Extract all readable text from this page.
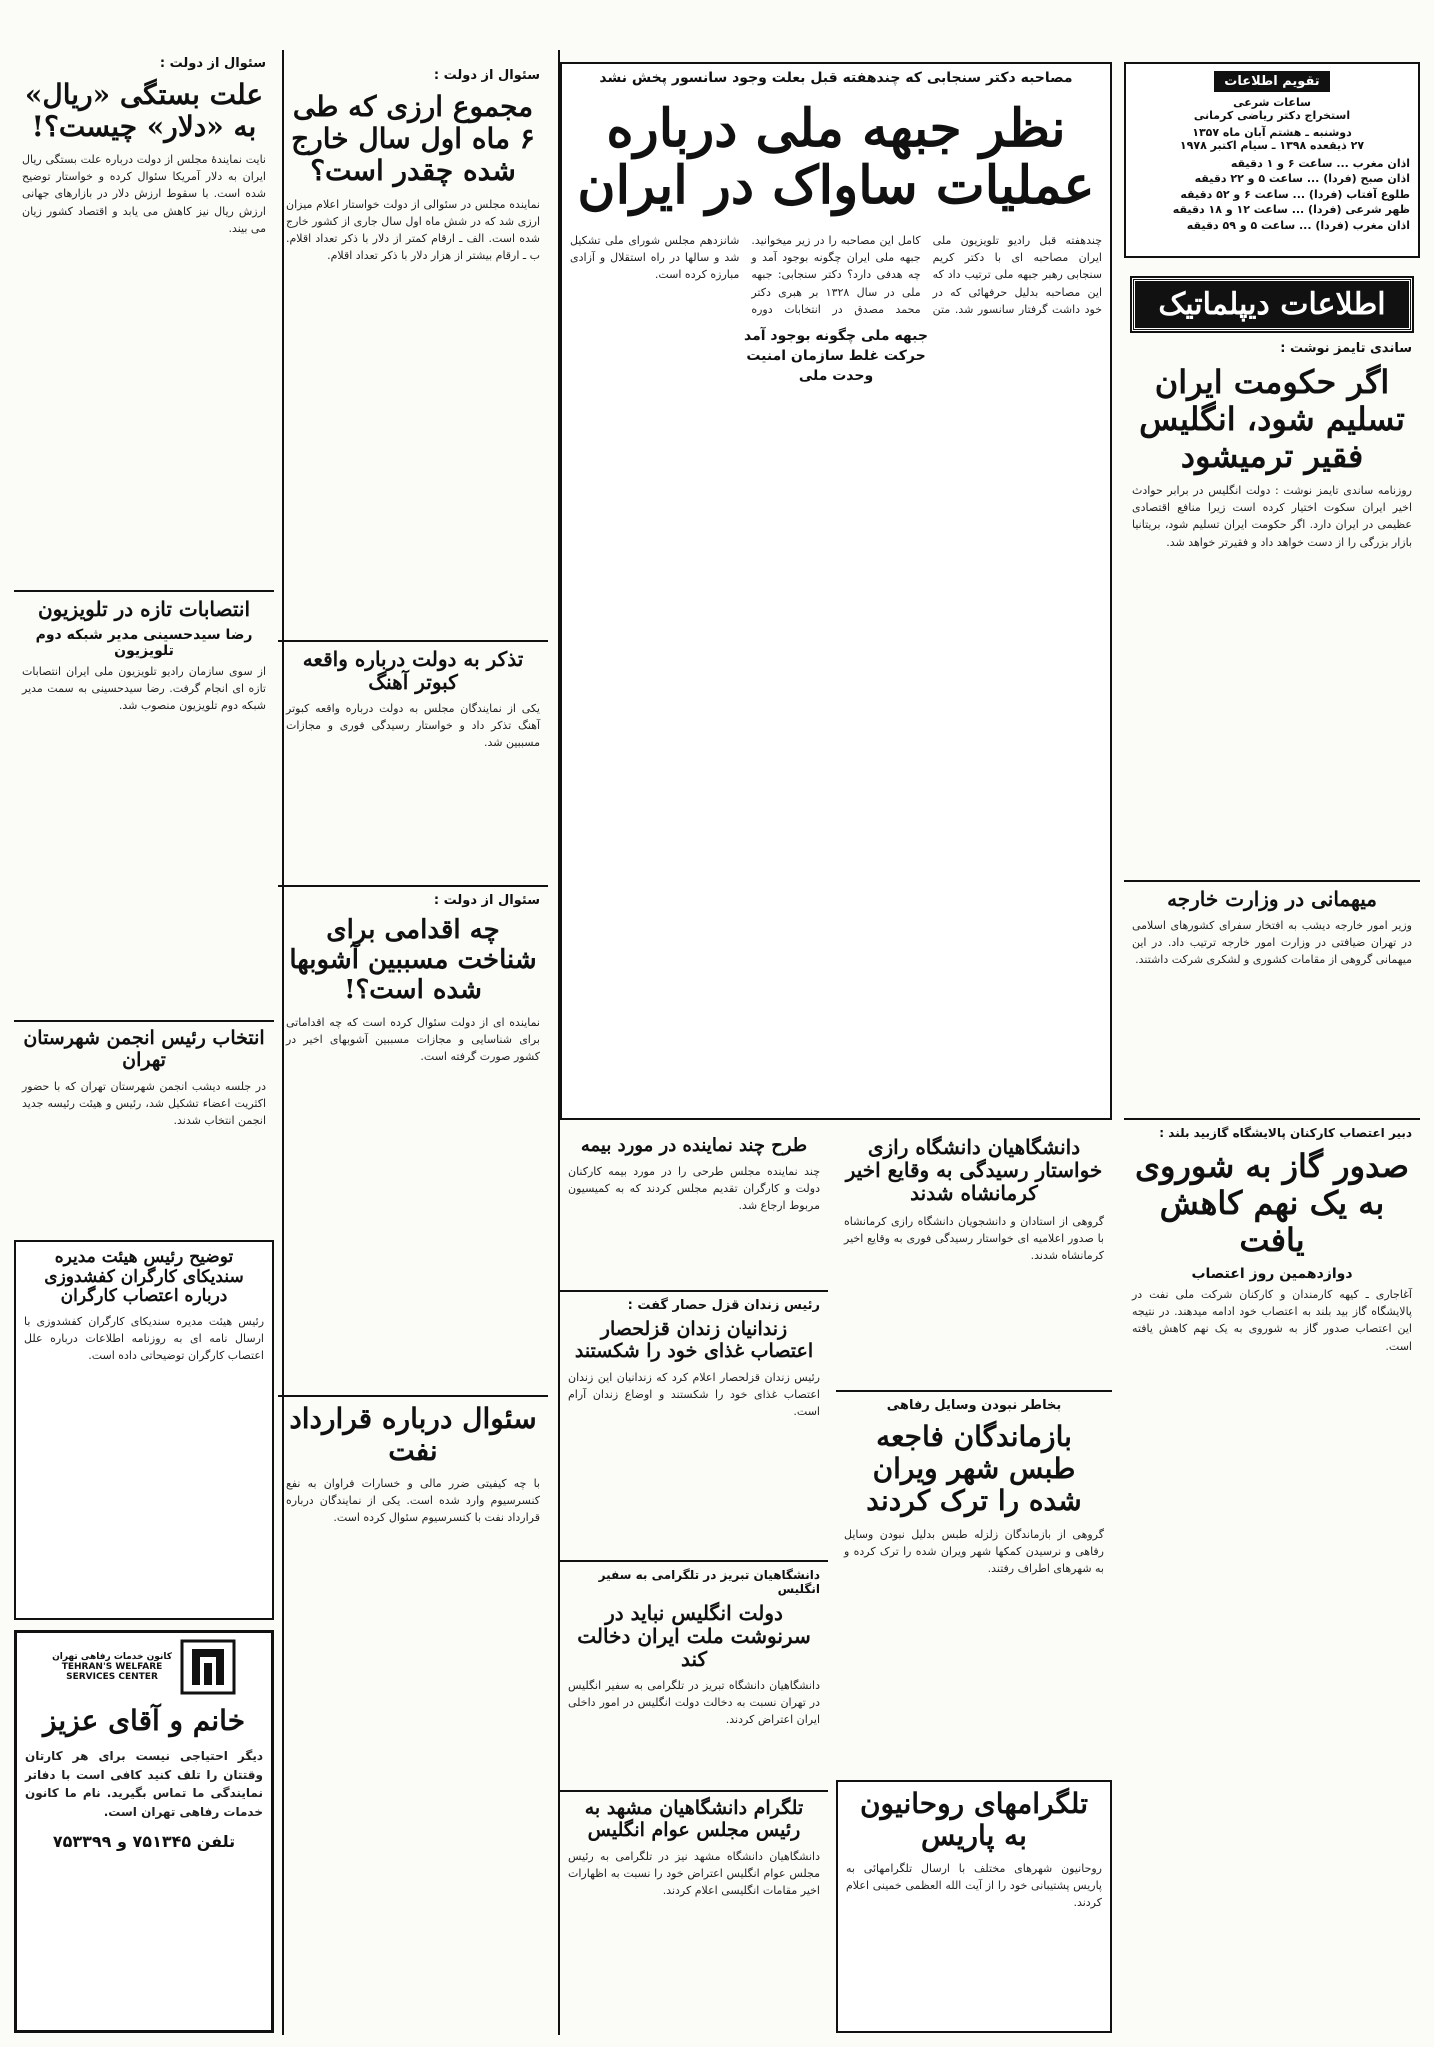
تقویم اطلاعات
ساعات شرعی
استخراج دکتر ریاضی کرمانی
دوشنبه ـ هشتم آبان ماه ۱۳۵۷
۲۷ ذیقعده ۱۳۹۸ ـ سیام اکتبر ۱۹۷۸
اذان مغرب ... ساعت ۶ و ۱ دقیقه
اذان صبح (فردا) ... ساعت ۵ و ۲۲ دقیقه
طلوع آفتاب (فردا) ... ساعت ۶ و ۵۲ دقیقه
ظهر شرعی (فردا) ... ساعت ۱۲ و ۱۸ دقیقه
اذان مغرب (فردا) ... ساعت ۵ و ۵۹ دقیقه
اطلاعات دیپلماتیک
ساندی تایمز نوشت :
اگر حکومت ایران تسلیم شود، انگلیس فقیر ترمیشود
روزنامه ساندی تایمز نوشت : دولت انگلیس در برابر حوادث اخیر ایران سکوت اختیار کرده است زیرا منافع اقتصادی عظیمی در ایران دارد. اگر حکومت ایران تسلیم شود، بریتانیا بازار بزرگی را از دست خواهد داد و فقیرتر خواهد شد.
میهمانی در وزارت خارجه
وزیر امور خارجه دیشب به افتخار سفرای کشورهای اسلامی در تهران ضیافتی در وزارت امور خارجه ترتیب داد. در این میهمانی گروهی از مقامات کشوری و لشکری شرکت داشتند.
دبیر اعتصاب کارکنان پالایشگاه گازبید بلند :
صدور گاز به شوروی به یک نهم کاهش یافت
دوازدهمین روز اعتصاب
آغاجاری ـ کیهه کارمندان و کارکنان شرکت ملی نفت در پالایشگاه گاز بید بلند به اعتصاب خود ادامه میدهند. در نتیجه این اعتصاب صدور گاز به شوروی به یک نهم کاهش یافته است.
مصاحبه دکتر سنجابی که چندهفته قبل بعلت وجود سانسور پخش نشد
نظر جبهه ملی درباره عملیات ساواک در ایران
چندهفته قبل رادیو تلویزیون ملی ایران مصاحبه ای با دکتر کریم سنجابی رهبر جبهه ملی ترتیب داد که این مصاحبه بدلیل حرفهائی که در خود داشت گرفتار سانسور شد. متن کامل این مصاحبه را در زیر میخوانید. جبهه ملی ایران چگونه بوجود آمد و چه هدفی دارد؟ دکتر سنجابی: جبهه ملی در سال ۱۳۲۸ بر هبری دکتر محمد مصدق در انتخابات دوره شانزدهم مجلس شورای ملی تشکیل شد و سالها در راه استقلال و آزادی مبارزه کرده است.
جبهه ملی چگونه بوجود آمد
حرکت غلط سازمان امنیت
وحدت ملی
دانشگاهیان دانشگاه رازی خواستار رسیدگی به وقایع اخیر کرمانشاه شدند
گروهی از استادان و دانشجویان دانشگاه رازی کرمانشاه با صدور اعلامیه ای خواستار رسیدگی فوری به وقایع اخیر کرمانشاه شدند.
بخاطر نبودن وسایل رفاهی
بازماندگان فاجعه طبس شهر ویران شده را ترک کردند
گروهی از بازماندگان زلزله طبس بدلیل نبودن وسایل رفاهی و نرسیدن کمکها شهر ویران شده را ترک کرده و به شهرهای اطراف رفتند.
تلگرامهای روحانیون به پاریس
روحانیون شهرهای مختلف با ارسال تلگرامهائی به پاریس پشتیبانی خود را از آیت الله العظمی خمینی اعلام کردند.
طرح چند نماینده در مورد بیمه
چند نماینده مجلس طرحی را در مورد بیمه کارکنان دولت و کارگران تقدیم مجلس کردند که به کمیسیون مربوط ارجاع شد.
رئیس زندان قزل حصار گفت :
زندانیان زندان قزلحصار اعتصاب غذای خود را شکستند
رئیس زندان قزلحصار اعلام کرد که زندانیان این زندان اعتصاب غذای خود را شکستند و اوضاع زندان آرام است.
دانشگاهیان تبریز در تلگرامی به سفیر انگلیس
دولت انگلیس نباید در سرنوشت ملت ایران دخالت کند
دانشگاهیان دانشگاه تبریز در تلگرامی به سفیر انگلیس در تهران نسبت به دخالت دولت انگلیس در امور داخلی ایران اعتراض کردند.
تلگرام دانشگاهیان مشهد به رئیس مجلس عوام انگلیس
دانشگاهیان دانشگاه مشهد نیز در تلگرامی به رئیس مجلس عوام انگلیس اعتراض خود را نسبت به اظهارات اخیر مقامات انگلیسی اعلام کردند.
سئوال از دولت :
مجموع ارزی که طی ۶ ماه اول سال خارج شده چقدر است؟
نماینده مجلس در سئوالی از دولت خواستار اعلام میزان ارزی شد که در شش ماه اول سال جاری از کشور خارج شده است. الف ـ ارقام کمتر از دلار با ذکر تعداد اقلام. ب ـ ارقام بیشتر از هزار دلار با ذکر تعداد اقلام.
تذکر به دولت درباره واقعه کبوتر آهنگ
یکی از نمایندگان مجلس به دولت درباره واقعه کبوتر آهنگ تذکر داد و خواستار رسیدگی فوری و مجازات مسببین شد.
سئوال از دولت :
چه اقدامی برای شناخت مسببین آشوبها شده است؟!
نماینده ای از دولت سئوال کرده است که چه اقداماتی برای شناسایی و مجازات مسببین آشوبهای اخیر در کشور صورت گرفته است.
سئوال درباره قرارداد نفت
با چه کیفیتی ضرر مالی و خسارات فراوان به نفع کنسرسیوم وارد شده است. یکی از نمایندگان درباره قرارداد نفت با کنسرسیوم سئوال کرده است.
سئوال از دولت :
علت بستگی «ریال» به «دلار» چیست؟!
نایت نمایندهٔ مجلس از دولت درباره علت بستگی ریال ایران به دلار آمریکا سئوال کرده و خواستار توضیح شده است. با سقوط ارزش دلار در بازارهای جهانی ارزش ریال نیز کاهش می یابد و اقتصاد کشور زیان می بیند.
انتصابات تازه در تلویزیون
رضا سیدحسینی مدیر شبکه دوم تلویزیون
از سوی سازمان رادیو تلویزیون ملی ایران انتصابات تازه ای انجام گرفت. رضا سیدحسینی به سمت مدیر شبکه دوم تلویزیون منصوب شد.
انتخاب رئیس انجمن شهرستان تهران
در جلسه دیشب انجمن شهرستان تهران که با حضور اکثریت اعضاء تشکیل شد، رئیس و هیئت رئیسه جدید انجمن انتخاب شدند.
توضیح رئیس هیئت مدیره سندیکای کارگران کفشدوزی درباره اعتصاب کارگران
رئیس هیئت مدیره سندیکای کارگران کفشدوزی با ارسال نامه ای به روزنامه اطلاعات درباره علل اعتصاب کارگران توضیحاتی داده است.
کانون خدمات رفاهی تهران
TEHRAN'S WELFARE
SERVICES CENTER
خانم و آقای عزیز
دیگر احتیاجی نیست برای هر کارتان وقتتان را تلف کنید کافی است با دفاتر نمایندگی ما تماس بگیرید. نام ما کانون خدمات رفاهی تهران است.
تلفن ۷۵۱۳۴۵ و ۷۵۳۳۹۹
